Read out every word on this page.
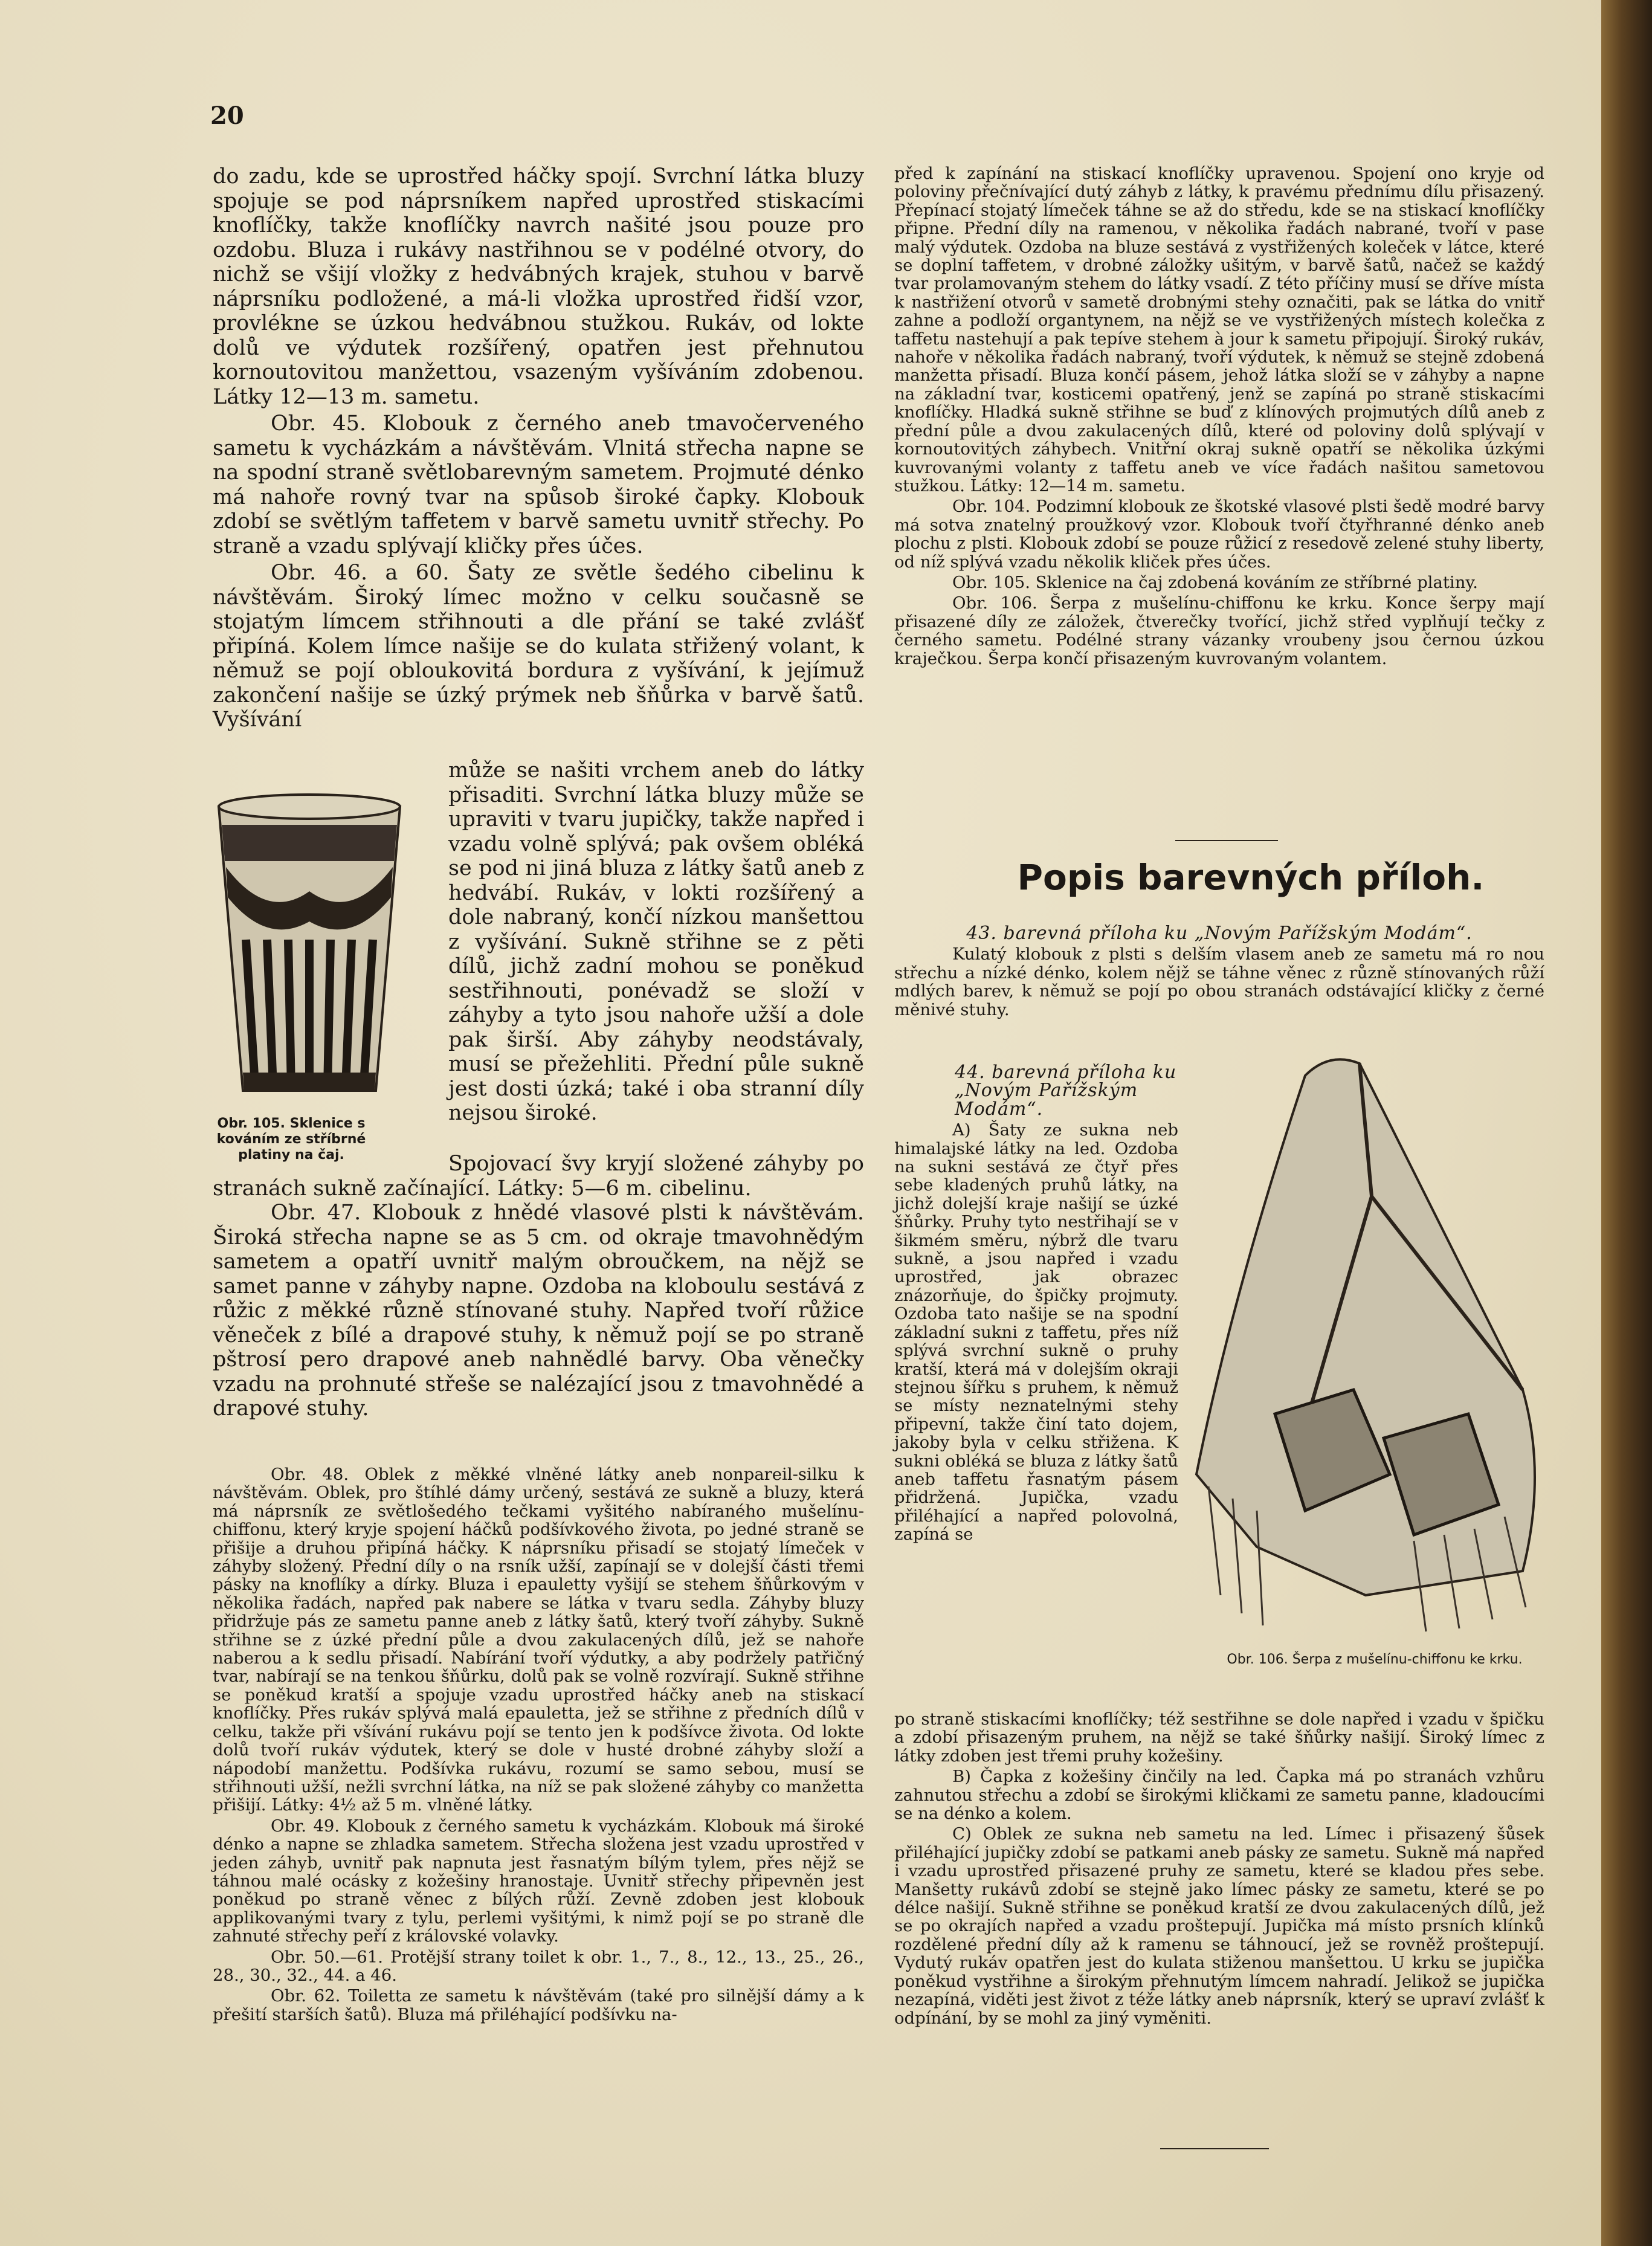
20

do zadu, kde se uprostřed háčky spojí. Svrchní látka bluzy spojuje se pod náprsníkem napřed uprostřed stiskacími knoflíčky, takže knoflíčky navrch našité jsou pouze pro ozdobu. Bluza i rukávy nastřihnou se v podélné otvory, do nichž se všijí vložky z hedvábných krajek, stuhou v barvě náprsníku podložené, a má-li vložka uprostřed řidší vzor, provlékne se úzkou hedvábnou stužkou. Rukáv, od lokte dolů ve výdutek rozšířený, opatřen jest přehnutou kornoutovitou manžettou, vsazeným vyšíváním zdobenou. Látky 12—13 m. sametu.

Obr. 45. Klobouk z černého aneb tmavočerveného sametu k vycházkám a návštěvám. Vlnitá střecha napne se na spodní straně světlobarevným sametem. Projmuté dénko má nahoře rovný tvar na spůsob široké čapky. Klobouk zdobí se světlým taffetem v barvě sametu uvnitř střechy. Po straně a vzadu splývají kličky přes účes.

Obr. 46. a 60. Šaty ze světle šedého cibelinu k návštěvám. Široký límec možno v celku současně se stojatým límcem střihnouti a dle přání se také zvlášť připíná. Kolem límce našije se do kulata střižený volant, k němuž se pojí obloukovitá bordura z vyšívání, k jejímuž zakončení našije se úzký prýmek neb šňůrka v barvě šatů. Vyšívání

Obr. 105. Sklenice s kováním ze stříbrné platiny na čaj.

může se našiti vrchem aneb do látky přisaditi. Svrchní látka bluzy může se upraviti v tvaru jupičky, takže napřed i vzadu volně splývá; pak ovšem obléká se pod ni jiná bluza z látky šatů aneb z hedvábí. Rukáv, v lokti rozšířený a dole nabraný, končí nízkou manšettou z vyšívání. Sukně střihne se z pěti dílů, jichž zadní mohou se poněkud sestřihnouti, ponévadž se složí v záhyby a tyto jsou nahoře užší a dole pak širší. Aby záhyby neodstávaly, musí se přežehliti. Přední půle sukně jest dosti úzká; také i oba stranní díly nejsou široké.

Spojovací švy kryjí složené záhyby po stranách sukně začínající. Látky: 5—6 m. cibelinu.

Obr. 47. Klobouk z hnědé vlasové plsti k návštěvám. Široká střecha napne se as 5 cm. od okraje tmavohnědým sametem a opatří uvnitř malým obroučkem, na nějž se samet panne v záhyby napne. Ozdoba na kloboulu sestává z růžic z měkké různě stínované stuhy. Napřed tvoří růžice věneček z bílé a drapové stuhy, k němuž pojí se po straně pštrosí pero drapové aneb nahnědlé barvy. Oba věnečky vzadu na prohnuté střeše se nalézající jsou z tmavohnědé a drapové stuhy.

Obr. 48. Oblek z měkké vlněné látky aneb nonpareil-silku k návštěvám. Oblek, pro štíhlé dámy určený, sestává ze sukně a bluzy, která má náprsník ze světlošedého tečkami vyšitého nabíraného mušelínu-chiffonu, který kryje spojení háčků podšívkového života, po jedné straně se přišije a druhou připíná háčky. K náprsníku přisadí se stojatý límeček v záhyby složený. Přední díly o na rsník užší, zapínají se v dolejší části třemi pásky na knoflíky a dírky. Bluza i epauletty vyšijí se stehem šňůrkovým v několika řadách, napřed pak nabere se látka v tvaru sedla. Záhyby bluzy přidržuje pás ze sametu panne aneb z látky šatů, který tvoří záhyby. Sukně střihne se z úzké přední půle a dvou zakulacených dílů, jež se nahoře naberou a k sedlu přisadí. Nabírání tvoří výdutky, a aby podržely patřičný tvar, nabírají se na tenkou šňůrku, dolů pak se volně rozvírají. Sukně střihne se poněkud kratší a spojuje vzadu uprostřed háčky aneb na stiskací knoflíčky. Přes rukáv splývá malá epauletta, jež se střihne z předních dílů v celku, takže při všívání rukávu pojí se tento jen k podšívce života. Od lokte dolů tvoří rukáv výdutek, který se dole v husté drobné záhyby složí a nápodobí manžettu. Podšívka rukávu, rozumí se samo sebou, musí se střihnouti užší, nežli svrchní látka, na níž se pak složené záhyby co manžetta přišijí. Látky: 4½ až 5 m. vlněné látky.

Obr. 49. Klobouk z černého sametu k vycházkám. Klobouk má široké dénko a napne se zhladka sametem. Střecha složena jest vzadu uprostřed v jeden záhyb, uvnitř pak napnuta jest řasnatým bílým tylem, přes nějž se táhnou malé ocásky z kožešiny hranostaje. Uvnitř střechy připevněn jest poněkud po straně věnec z bílých růží. Zevně zdoben jest klobouk applikovanými tvary z tylu, perlemi vyšitými, k nimž pojí se po straně dle zahnuté střechy peří z královské volavky.

Obr. 50.—61. Protější strany toilet k obr. 1., 7., 8., 12., 13., 25., 26., 28., 30., 32., 44. a 46.

Obr. 62. Toiletta ze sametu k návštěvám (také pro silnější dámy a k přešití starších šatů). Bluza má přiléhající podšívku na-

před k zapínání na stiskací knoflíčky upravenou. Spojení ono kryje od poloviny přečnívající dutý záhyb z látky, k pravému přednímu dílu přisazený. Přepínací stojatý límeček táhne se až do středu, kde se na stiskací knoflíčky připne. Přední díly na ramenou, v několika řadách nabrané, tvoří v pase malý výdutek. Ozdoba na bluze sestává z vystřižených koleček v látce, které se doplní taffetem, v drobné záložky ušitým, v barvě šatů, načež se každý tvar prolamovaným stehem do látky vsadí. Z této příčiny musí se dříve místa k nastřižení otvorů v sametě drobnými stehy označiti, pak se látka do vnitř zahne a podloží organtynem, na nějž se ve vystřižených místech kolečka z taffetu nastehují a pak tepíve stehem à jour k sametu připojují. Široký rukáv, nahoře v několika řadách nabraný, tvoří výdutek, k němuž se stejně zdobená manžetta přisadí. Bluza končí pásem, jehož látka složí se v záhyby a napne na základní tvar, kosticemi opatřený, jenž se zapíná po straně stiskacími knoflíčky. Hladká sukně střihne se buď z klínových projmutých dílů aneb z přední půle a dvou zakulacených dílů, které od poloviny dolů splývají v kornoutovitých záhybech. Vnitřní okraj sukně opatří se několika úzkými kuvrovanými volanty z taffetu aneb ve více řadách našitou sametovou stužkou. Látky: 12—14 m. sametu.

Obr. 104. Podzimní klobouk ze škotské vlasové plsti šedě modré barvy má sotva znatelný proužkový vzor. Klobouk tvoří čtyřhranné dénko aneb plochu z plsti. Klobouk zdobí se pouze růžicí z resedově zelené stuhy liberty, od níž splývá vzadu několik kliček přes účes.

Obr. 105. Sklenice na čaj zdobená kováním ze stříbrné platiny.

Obr. 106. Šerpa z mušelínu-chiffonu ke krku. Konce šerpy mají přisazené díly ze záložek, čtverečky tvořící, jichž střed vyplňují tečky z černého sametu. Podélné strany vázanky vroubeny jsou černou úzkou kraječkou. Šerpa končí přisazeným kuvrovaným volantem.

Popis barevných příloh.

43. barevná příloha ku „Novým Pařížským Modám“.

Kulatý klobouk z plsti s delším vlasem aneb ze sametu má ro nou střechu a nízké dénko, kolem nějž se táhne věnec z různě stínovaných růží mdlých barev, k němuž se pojí po obou stranách odstávající kličky z černé měnivé stuhy.

Obr. 106. Šerpa z mušelínu-chiffonu ke krku.

44. barevná příloha ku „Novým Pařížským Modám“.

A) Šaty ze sukna neb himalajské látky na led. Ozdoba na sukni sestává ze čtyř přes sebe kladených pruhů látky, na jichž dolejší kraje našijí se úzké šňůrky. Pruhy tyto nestřihají se v šikmém směru, nýbrž dle tvaru sukně, a jsou napřed i vzadu uprostřed, jak obrazec znázorňuje, do špičky projmuty. Ozdoba tato našije se na spodní základní sukni z taffetu, přes níž splývá svrchní sukně o pruhy kratší, která má v dolejším okraji stejnou šířku s pruhem, k němuž se místy neznatelnými stehy připevní, takže činí tato dojem, jakoby byla v celku střižena. K sukni obléká se bluza z látky šatů aneb taffetu řasnatým pásem přidržená. Jupička, vzadu přiléhající a napřed polovolná, zapíná se

po straně stiskacími knoflíčky; též sestřihne se dole napřed i vzadu v špičku a zdobí přisazeným pruhem, na nějž se také šňůrky našijí. Široký límec z látky zdoben jest třemi pruhy kožešiny.

B) Čapka z kožešiny činčily na led. Čapka má po stranách vzhůru zahnutou střechu a zdobí se širokými kličkami ze sametu panne, kladoucími se na dénko a kolem.

C) Oblek ze sukna neb sametu na led. Límec i přisazený šůsek přiléhající jupičky zdobí se patkami aneb pásky ze sametu. Sukně má napřed i vzadu uprostřed přisazené pruhy ze sametu, které se kladou přes sebe. Manšetty rukávů zdobí se stejně jako límec pásky ze sametu, které se po délce našijí. Sukně střihne se poněkud kratší ze dvou zakulacených dílů, jež se po okrajích napřed a vzadu proštepují. Jupička má místo prsních klínků rozdělené přední díly až k ramenu se táhnoucí, jež se rovněž proštepují. Vydutý rukáv opatřen jest do kulata stiženou manšettou. U krku se jupička poněkud vystřihne a širokým přehnutým límcem nahradí. Jelikož se jupička nezapíná, viděti jest život z téže látky aneb náprsník, který se upraví zvlášť k odpínání, by se mohl za jiný vyměniti.
